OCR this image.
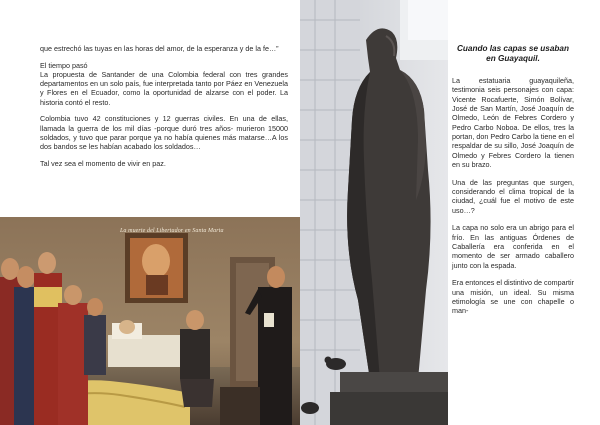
que estrechó las tuyas en las horas del amor, de la esperanza y de la fe…”

El tiempo pasó

La propuesta de Santander de una Colombia federal con tres grandes departamentos en un solo país, fue interpretada tanto por Páez en Venezuela y Flores en el Ecuador, como la oportunidad de alzarse con el poder. La historia contó el resto.

Colombia tuvo 42 constituciones y 12 guerras civiles. En una de ellas, llamada la guerra de los mil días -porque duró tres años- murieron 15000 soldados, y tuvo que parar porque ya no había quienes más matarse…A los dos bandos se les habían acabado los soldados…

Tal vez sea el momento de vivir en paz.

La muerte del Libertador en Santa Marta
Cuando las capas se usaban en Guayaquil.

La estatuaria guayaquileña, testimonia seis personajes con capa: Vicente Rocafuerte, Simón Bolívar, José de San Martín, José Joaquín de Olmedo, León de Febres Cordero y Pedro Carbo Noboa. De ellos, tres la portan, don Pedro Carbo la tiene en el respaldar de su sillo, José Joaquín de Olmedo y Febres Cordero la tienen en su brazo.

Una de las preguntas que surgen, considerando el clima tropical de la ciudad, ¿cuál fue el motivo de este uso…?

La capa no solo era un abrigo para el frío. En las antiguas Órdenes de Caballería era conferida en el momento de ser armado caballero junto con la espada.

Era entonces el distintivo de compartir una misión, un ideal. Su misma etimología se une con chapelle o man-
